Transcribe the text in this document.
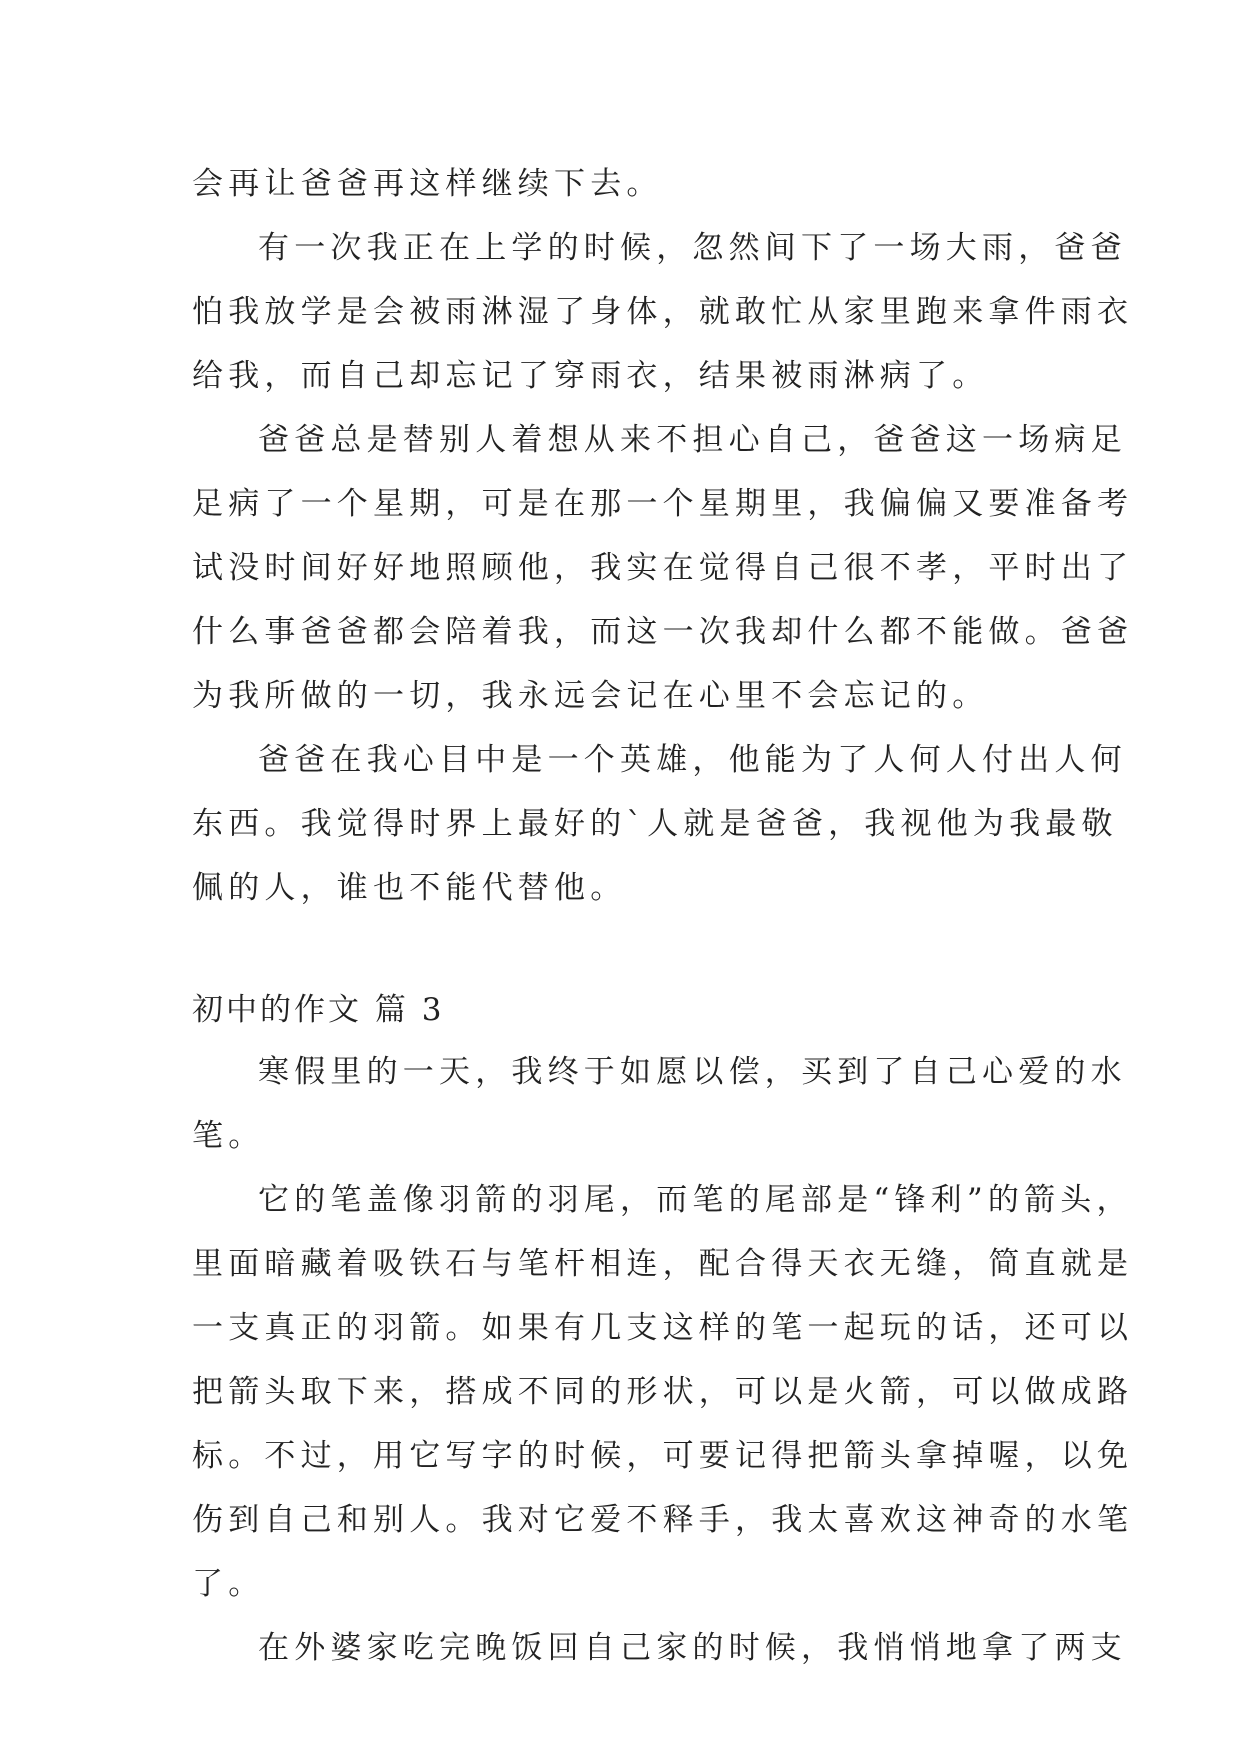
会再让爸爸再这样继续下去。
有一次我正在上学的时候，忽然间下了一场大雨，爸爸
怕我放学是会被雨淋湿了身体，就敢忙从家里跑来拿件雨衣
给我，而自己却忘记了穿雨衣，结果被雨淋病了。
爸爸总是替别人着想从来不担心自己，爸爸这一场病足
足病了一个星期，可是在那一个星期里，我偏偏又要准备考
试没时间好好地照顾他，我实在觉得自己很不孝，平时出了
什么事爸爸都会陪着我，而这一次我却什么都不能做。爸爸
为我所做的一切，我永远会记在心里不会忘记的。
爸爸在我心目中是一个英雄，他能为了人何人付出人何
东西。我觉得时界上最好的`人就是爸爸，我视他为我最敬
佩的人，谁也不能代替他。
初中的作文 篇 3
寒假里的一天，我终于如愿以偿，买到了自己心爱的水
笔。
它的笔盖像羽箭的羽尾，而笔的尾部是“锋利”的箭头，
里面暗藏着吸铁石与笔杆相连，配合得天衣无缝，简直就是
一支真正的羽箭。如果有几支这样的笔一起玩的话，还可以
把箭头取下来，搭成不同的形状，可以是火箭，可以做成路
标。不过，用它写字的时候，可要记得把箭头拿掉喔，以免
伤到自己和别人。我对它爱不释手，我太喜欢这神奇的水笔
了。
在外婆家吃完晚饭回自己家的时候，我悄悄地拿了两支
